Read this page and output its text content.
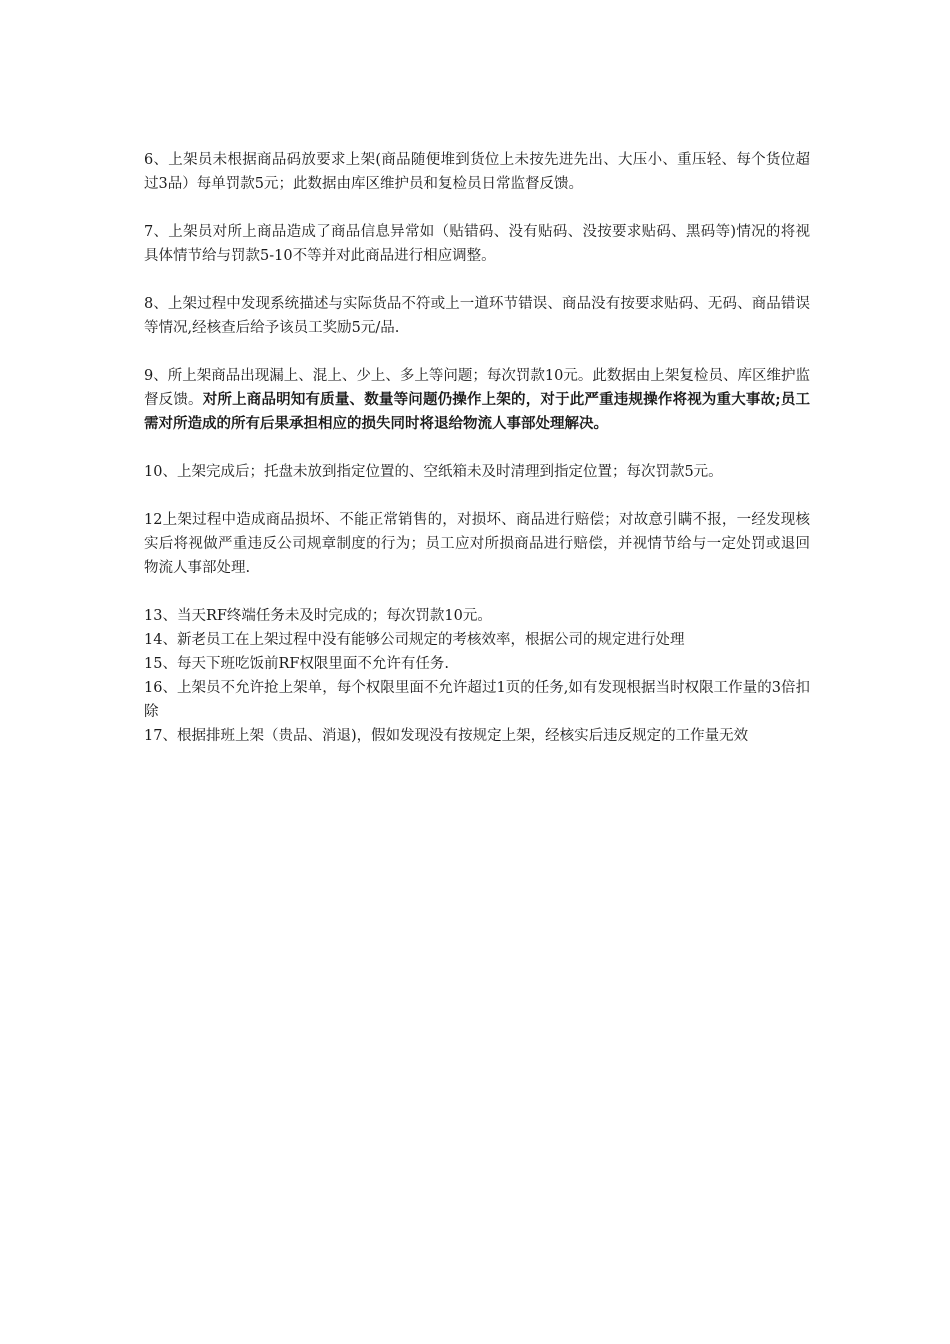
6、上架员未根据商品码放要求上架(商品随便堆到货位上未按先进先出、大压小、重压轻、每个货位超过3品）每单罚款5元；此数据由库区维护员和复检员日常监督反馈。

7、上架员对所上商品造成了商品信息异常如（贴错码、没有贴码、没按要求贴码、黑码等)情况的将视具体情节给与罚款5-10不等并对此商品进行相应调整。

8、上架过程中发现系统描述与实际货品不符或上一道环节错误、商品没有按要求贴码、无码、商品错误等情况,经核查后给予该员工奖励5元/品.

9、所上架商品出现漏上、混上、少上、多上等问题；每次罚款10元。此数据由上架复检员、库区维护监督反馈。对所上商品明知有质量、数量等问题仍操作上架的，对于此严重违规操作将视为重大事故;员工需对所造成的所有后果承担相应的损失同时将退给物流人事部处理解决。

10、上架完成后；托盘未放到指定位置的、空纸箱未及时清理到指定位置；每次罚款5元。

12上架过程中造成商品损坏、不能正常销售的，对损坏、商品进行赔偿；对故意引瞒不报，一经发现核实后将视做严重违反公司规章制度的行为；员工应对所损商品进行赔偿，并视情节给与一定处罚或退回物流人事部处理.

13、当天RF终端任务未及时完成的；每次罚款10元。

14、新老员工在上架过程中没有能够公司规定的考核效率，根据公司的规定进行处理

15、每天下班吃饭前RF权限里面不允许有任务.

16、上架员不允许抢上架单，每个权限里面不允许超过1页的任务,如有发现根据当时权限工作量的3倍扣除

17、根据排班上架（贵品、消退)，假如发现没有按规定上架，经核实后违反规定的工作量无效
